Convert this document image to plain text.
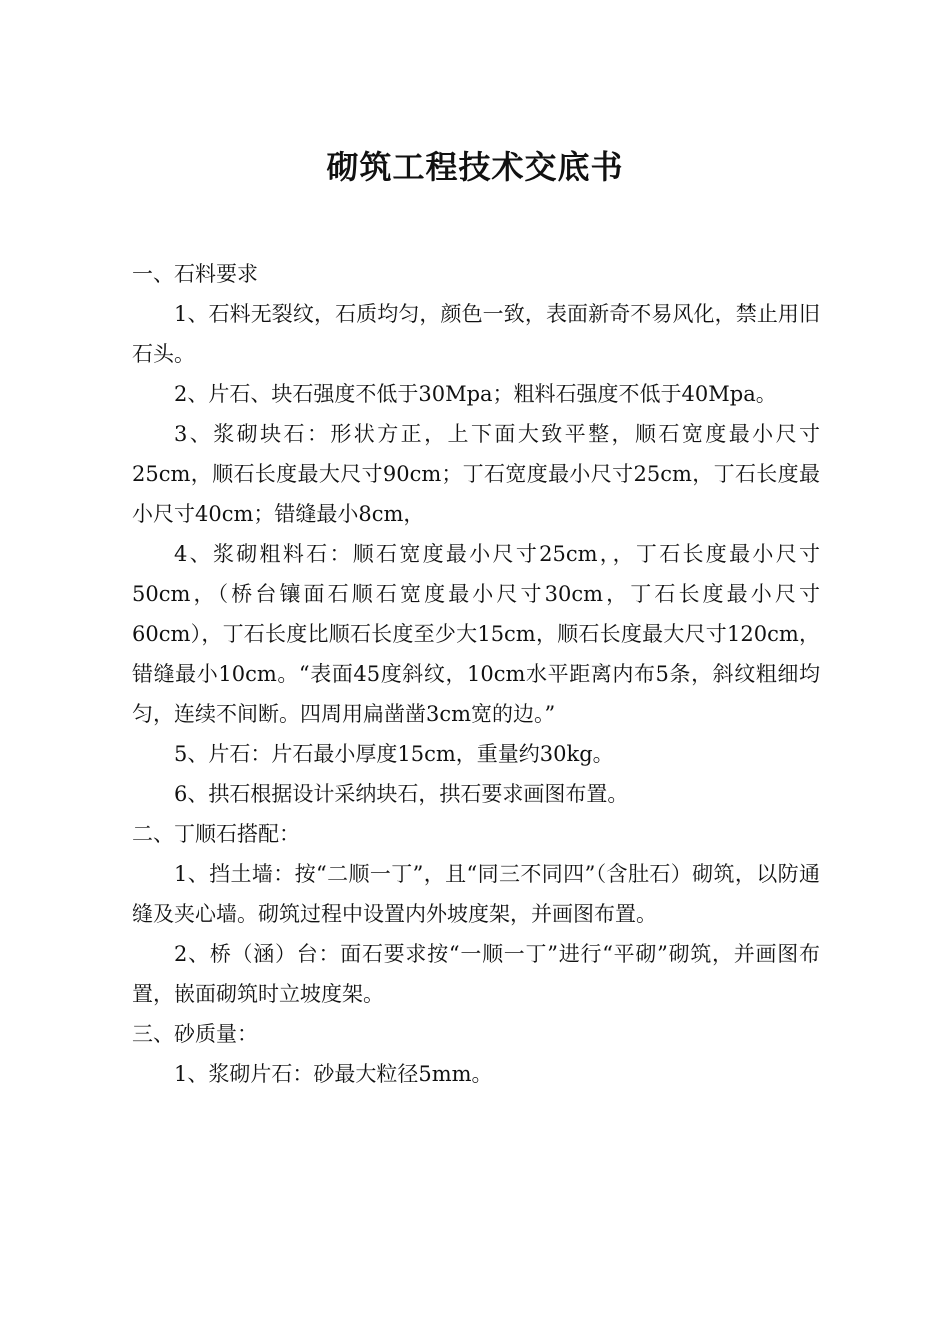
砌筑工程技术交底书

一、石料要求

1、石料无裂纹，石质均匀，颜色一致，表面新奇不易风化，禁止用旧石头。

2、片石、块石强度不低于30Mpa；粗料石强度不低于40Mpa。

3、浆砌块石：形状方正，上下面大致平整，顺石宽度最小尺寸25cm，顺石长度最大尺寸90cm；丁石宽度最小尺寸25cm，丁石长度最小尺寸40cm；错缝最小8cm，

4、浆砌粗料石：顺石宽度最小尺寸25cm，，丁石长度最小尺寸50cm，（桥台镶面石顺石宽度最小尺寸30cm，丁石长度最小尺寸60cm），丁石长度比顺石长度至少大15cm，顺石长度最大尺寸120cm，错缝最小10cm。“表面45度斜纹，10cm水平距离内布5条，斜纹粗细均匀，连续不间断。四周用扁凿凿3cm宽的边。”

5、片石：片石最小厚度15cm，重量约30kg。

6、拱石根据设计采纳块石，拱石要求画图布置。

二、丁顺石搭配：

1、挡土墙：按“二顺一丁”，且“同三不同四”（含肚石）砌筑，以防通缝及夹心墙。砌筑过程中设置内外坡度架，并画图布置。

2、桥（涵）台：面石要求按“一顺一丁”进行“平砌”砌筑，并画图布置，嵌面砌筑时立坡度架。

三、砂质量：

1、浆砌片石：砂最大粒径5mm。
